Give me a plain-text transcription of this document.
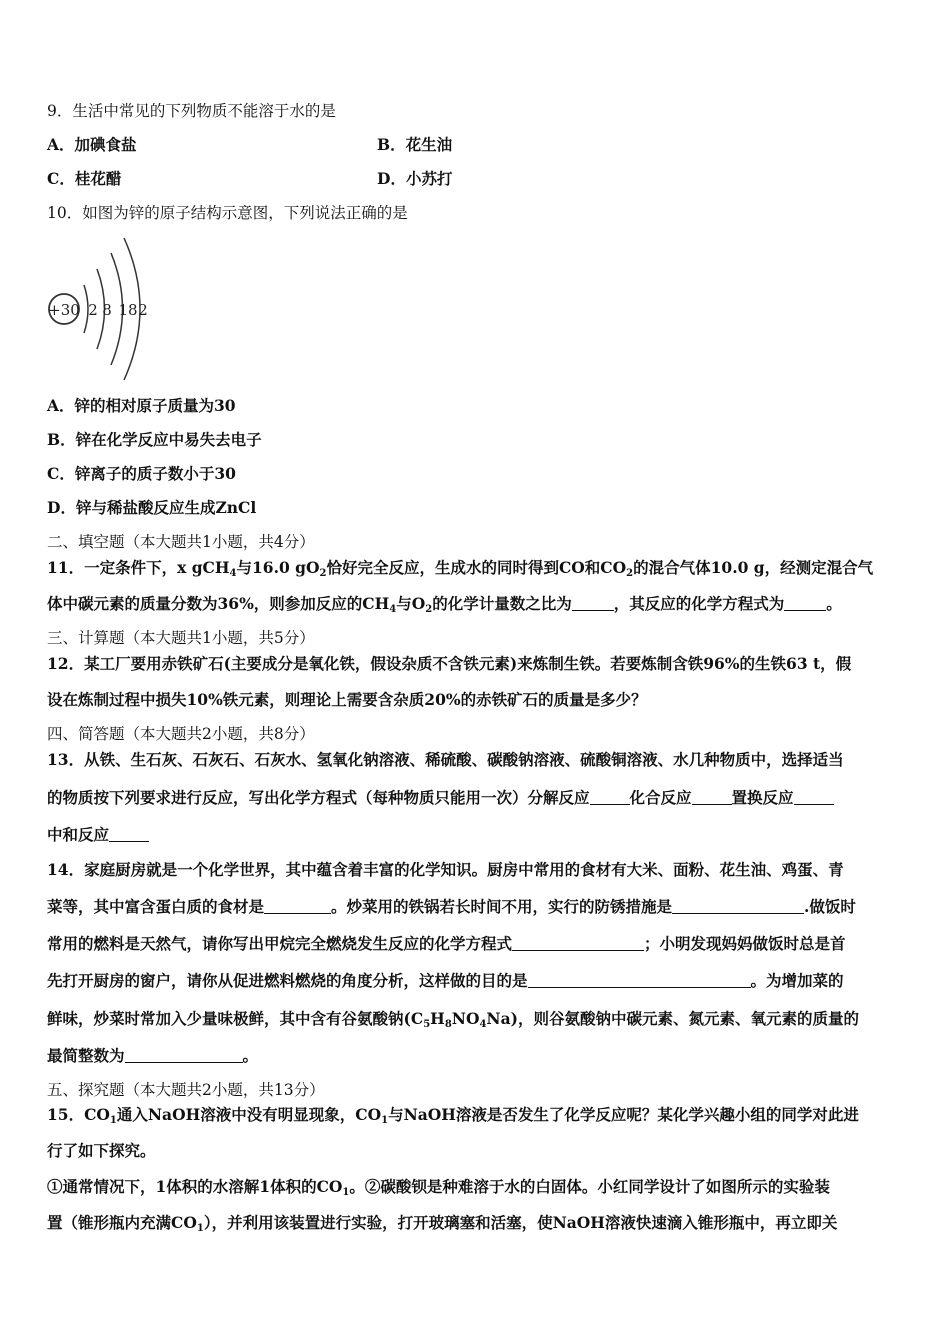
9．生活中常见的下列物质不能溶于水的是
A．加碘食盐	B．花生油
C．桂花醋	D．小苏打
10．如图为锌的原子结构示意图，下列说法正确的是
+30 2 8 18 2
A．锌的相对原子质量为30
B．锌在化学反应中易失去电子
C．锌离子的质子数小于30
D．锌与稀盐酸反应生成ZnCl
二、填空题（本大题共1小题，共4分）
11．一定条件下，x gCH$_4$与16.0 $gO_2$恰好完全反应，生成水的同时得到CO和$CO_2$的混合气体10.0 g，经测定混合气
体中碳元素的质量分数为36%，则参加反应的$CH_4$与$O_2$的化学计量数之比为	，其反应的化学方程式为	。
三、计算题（本大题共1小题，共5分）
12．某工厂要用赤铁矿石(主要成分是氧化铁，假设杂质不含铁元素)来炼制生铁。若要炼制含铁96%的生铁63 t，假
设在炼制过程中损失10%铁元素，则理论上需要含杂质20%的赤铁矿石的质量是多少？
四、简答题（本大题共2小题，共8分）
13．从铁、生石灰、石灰石、石灰水、氢氧化钠溶液、稀硫酸、碳酸钠溶液、硫酸铜溶液、水几种物质中，选择适当
的物质按下列要求进行反应，写出化学方程式（每种物质只能用一次）分解反应	化合反应	置换反应
中和反应
14．家庭厨房就是一个化学世界，其中蕴含着丰富的化学知识。厨房中常用的食材有大米、面粉、花生油、鸡蛋、青
菜等，其中富含蛋白质的食材是	。炒菜用的铁锅若长时间不用，实行的防锈措施是	.做饭时
常用的燃料是天然气，请你写出甲烷完全燃烧发生反应的化学方程式	；小明发现妈妈做饭时总是首
先打开厨房的窗户，请你从促进燃料燃烧的角度分析，这样做的目的是	。为增加菜的
鲜味，炒菜时常加入少量味极鲜，其中含有谷氨酸钠$(C_5H_8NO_4Na)$，则谷氨酸钠中碳元素、氮元素、氧元素的质量的
最简整数为	。
五、探究题（本大题共2小题，共13分）
15．$CO_1$通入NaOH溶液中没有明显现象，$CO_1$与NaOH溶液是否发生了化学反应呢？某化学兴趣小组的同学对此进
行了如下探究。
①通常情况下，1体积的水溶解1体积的$CO_1$。②碳酸钡是种难溶于水的白固体。小红同学设计了如图所示的实验装
置（锥形瓶内充满$CO_1$），并利用该装置进行实验，打开玻璃塞和活塞，使NaOH溶液快速滴入锥形瓶中，再立即关
